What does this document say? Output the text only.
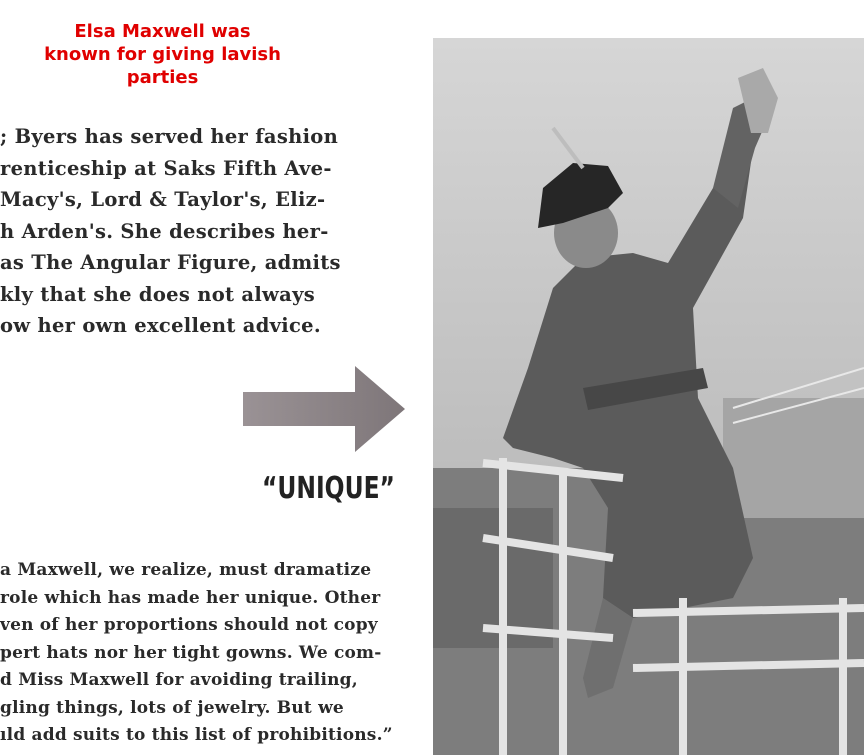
Elsa Maxwell was known for giving lavish parties
; Byers has served her fashion
renticeship at Saks Fifth Ave-
Macy's, Lord & Taylor's, Eliz-
h Arden's. She describes her-
as The Angular Figure, admits
kly that she does not always
ow her own excellent advice.
“UNIQUE”
a Maxwell, we realize, must dramatize
role which has made her unique. Other
ven of her proportions should not copy
pert hats nor her tight gowns. We com-
d Miss Maxwell for avoiding trailing,
gling things, lots of jewelry. But we
ıld add suits to this list of prohibitions.”
